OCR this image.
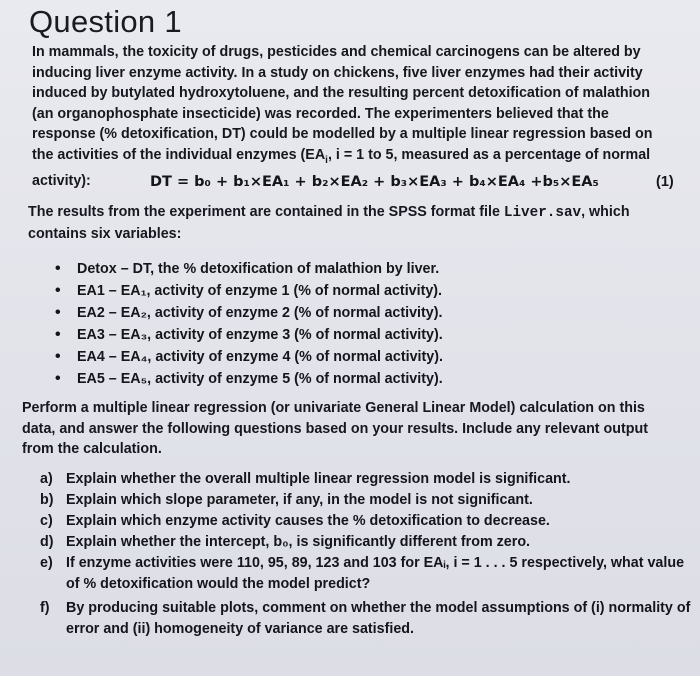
Question 1
In mammals, the toxicity of drugs, pesticides and chemical carcinogens can be altered by inducing liver enzyme activity. In a study on chickens, five liver enzymes had their activity induced by butylated hydroxytoluene, and the resulting percent detoxification of malathion (an organophosphate insecticide) was recorded. The experimenters believed that the response (% detoxification, DT) could be modelled by a multiple linear regression based on the activities of the individual enzymes ($EA_i$, i = 1 to 5, measured as a percentage of normal activity):	DT = b₀ + b₁×EA₁ + b₂×EA₂ + b₃×EA₃ + b₄×EA₄ +b₅×EA₅	(1)
The results from the experiment are contained in the SPSS format file Liver.sav, which contains six variables:
• Detox – DT, the % detoxification of malathion by liver.
• EA1 – EA₁, activity of enzyme 1 (% of normal activity).
• EA2 – EA₂, activity of enzyme 2 (% of normal activity).
• EA3 – EA₃, activity of enzyme 3 (% of normal activity).
• EA4 – EA₄, activity of enzyme 4 (% of normal activity).
• EA5 – EA₅, activity of enzyme 5 (% of normal activity).
Perform a multiple linear regression (or univariate General Linear Model) calculation on this data, and answer the following questions based on your results. Include any relevant output from the calculation.
a) Explain whether the overall multiple linear regression model is significant.
b) Explain which slope parameter, if any, in the model is not significant.
c) Explain which enzyme activity causes the % detoxification to decrease.
d) Explain whether the intercept, b₀, is significantly different from zero.
e) If enzyme activities were 110, 95, 89, 123 and 103 for EAᵢ, i = 1 . . . 5 respectively, what value of % detoxification would the model predict?
f) By producing suitable plots, comment on whether the model assumptions of (i) normality of error and (ii) homogeneity of variance are satisfied.
